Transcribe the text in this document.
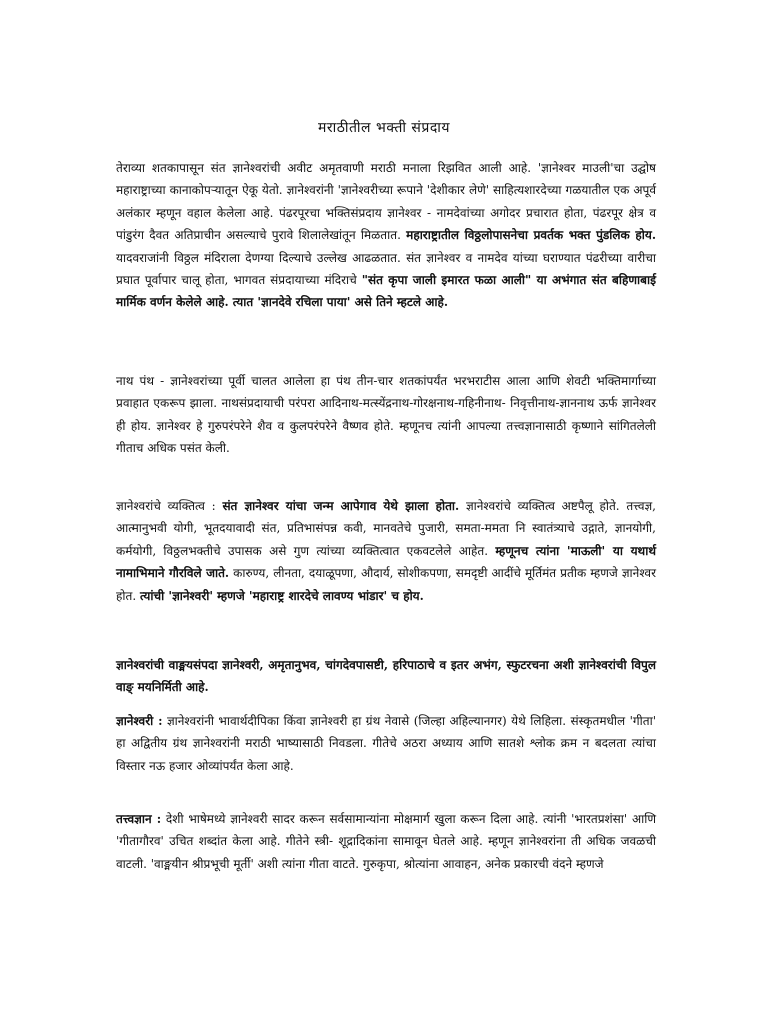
मराठीतील भक्ती संप्रदाय

तेराव्या शतकापासून संत ज्ञानेश्वरांची अवीट अमृतवाणी मराठी मनाला रिझवित आली आहे. 'ज्ञानेश्वर माउली'चा उद्घोष महाराष्ट्राच्या कानाकोपऱ्यातून ऐकू येतो. ज्ञानेश्वरांनी 'ज्ञानेश्वरीच्या रूपाने 'देशीकार लेणे' साहित्यशारदेच्या गळयातील एक अपूर्व अलंकार म्हणून वहाल केलेला आहे. पंढरपूरचा भक्तिसंप्रदाय ज्ञानेश्वर - नामदेवांच्या अगोदर प्रचारात होता, पंढरपूर क्षेत्र व पांडुरंग दैवत अतिप्राचीन असल्याचे पुरावे शिलालेखांतून मिळतात. महाराष्ट्रातील विठ्ठलोपासनेचा प्रवर्तक भक्त पुंडलिक होय. यादवराजांनी विठ्ठल मंदिराला देणग्या दिल्याचे उल्लेख आढळतात. संत ज्ञानेश्वर व नामदेव यांच्या घराण्यात पंढरीच्या वारीचा प्रघात पूर्वापार चालू होता, भागवत संप्रदायाच्या मंदिराचे "संत कृपा जाली इमारत फळा आली" या अभंगात संत बहिणाबाई मार्मिक वर्णन केलेले आहे. त्यात 'ज्ञानदेवे रचिला पाया' असे तिने म्हटले आहे.

नाथ पंथ - ज्ञानेश्वरांच्या पूर्वी चालत आलेला हा पंथ तीन-चार शतकांपर्यंत भरभराटीस आला आणि शेवटी भक्तिमार्गाच्या प्रवाहात एकरूप झाला. नाथसंप्रदायाची परंपरा आदिनाथ-मत्स्येंद्रनाथ-गोरक्षनाथ-गहिनीनाथ- निवृत्तीनाथ-ज्ञाननाथ ऊर्फ ज्ञानेश्वर ही होय. ज्ञानेश्वर हे गुरुपरंपरेने शैव व कुलपरंपरेने वैष्णव होते. म्हणूनच त्यांनी आपल्या तत्त्वज्ञानासाठी कृष्णाने सांगितलेली गीताच अधिक पसंत केली.

ज्ञानेश्वरांचे व्यक्तित्व : संत ज्ञानेश्वर यांचा जन्म आपेगाव येथे झाला होता. ज्ञानेश्वरांचे व्यक्तित्व अष्टपैलू होते. तत्त्वज्ञ, आत्मानुभवी योगी, भूतदयावादी संत, प्रतिभासंपन्न कवी, मानवतेचे पुजारी, समता-ममता नि स्वातंत्र्याचे उद्गाते, ज्ञानयोगी, कर्मयोगी, विठ्ठलभक्तीचे उपासक असे गुण त्यांच्या व्यक्तित्वात एकवटलेले आहेत. म्हणूनच त्यांना 'माऊली' या यथार्थ नामाभिमाने गौरविले जाते. कारुण्य, लीनता, दयाळूपणा, औदार्य, सोशीकपणा, समदृष्टी आदींचे मूर्तिमंत प्रतीक म्हणजे ज्ञानेश्वर होत. त्यांची 'ज्ञानेश्वरी' म्हणजे 'महाराष्ट्र शारदेचे लावण्य भांडार' च होय.

ज्ञानेश्वरांची वाङ्मयसंपदा ज्ञानेश्वरी, अमृतानुभव, चांगदेवपासष्टी, हरिपाठाचे व इतर अभंग, स्फुटरचना अशी ज्ञानेश्वरांची विपुल वाङ् मयनिर्मिती आहे.

ज्ञानेश्वरी : ज्ञानेश्वरांनी भावार्थदीपिका किंवा ज्ञानेश्वरी हा ग्रंथ नेवासे (जिल्हा अहिल्यानगर) येथे लिहिला. संस्कृतमधील 'गीता' हा अद्वितीय ग्रंथ ज्ञानेश्वरांनी मराठी भाष्यासाठी निवडला. गीतेचे अठरा अध्याय आणि सातशे श्लोक क्रम न बदलता त्यांचा विस्तार नऊ हजार ओव्यांपर्यंत केला आहे.

तत्त्वज्ञान : देशी भाषेमध्ये ज्ञानेश्वरी सादर करून सर्वसामान्यांना मोक्षमार्ग खुला करून दिला आहे. त्यांनी 'भारतप्रशंसा' आणि 'गीतागौरव' उचित शब्दांत केला आहे. गीतेने स्त्री- शूद्रादिकांना सामावून घेतले आहे. म्हणून ज्ञानेश्वरांना ती अधिक जवळची वाटली. 'वाङ्मयीन श्रीप्रभूची मूर्ती' अशी त्यांना गीता वाटते. गुरुकृपा, श्रोत्यांना आवाहन, अनेक प्रकारची वंदने म्हणजे
